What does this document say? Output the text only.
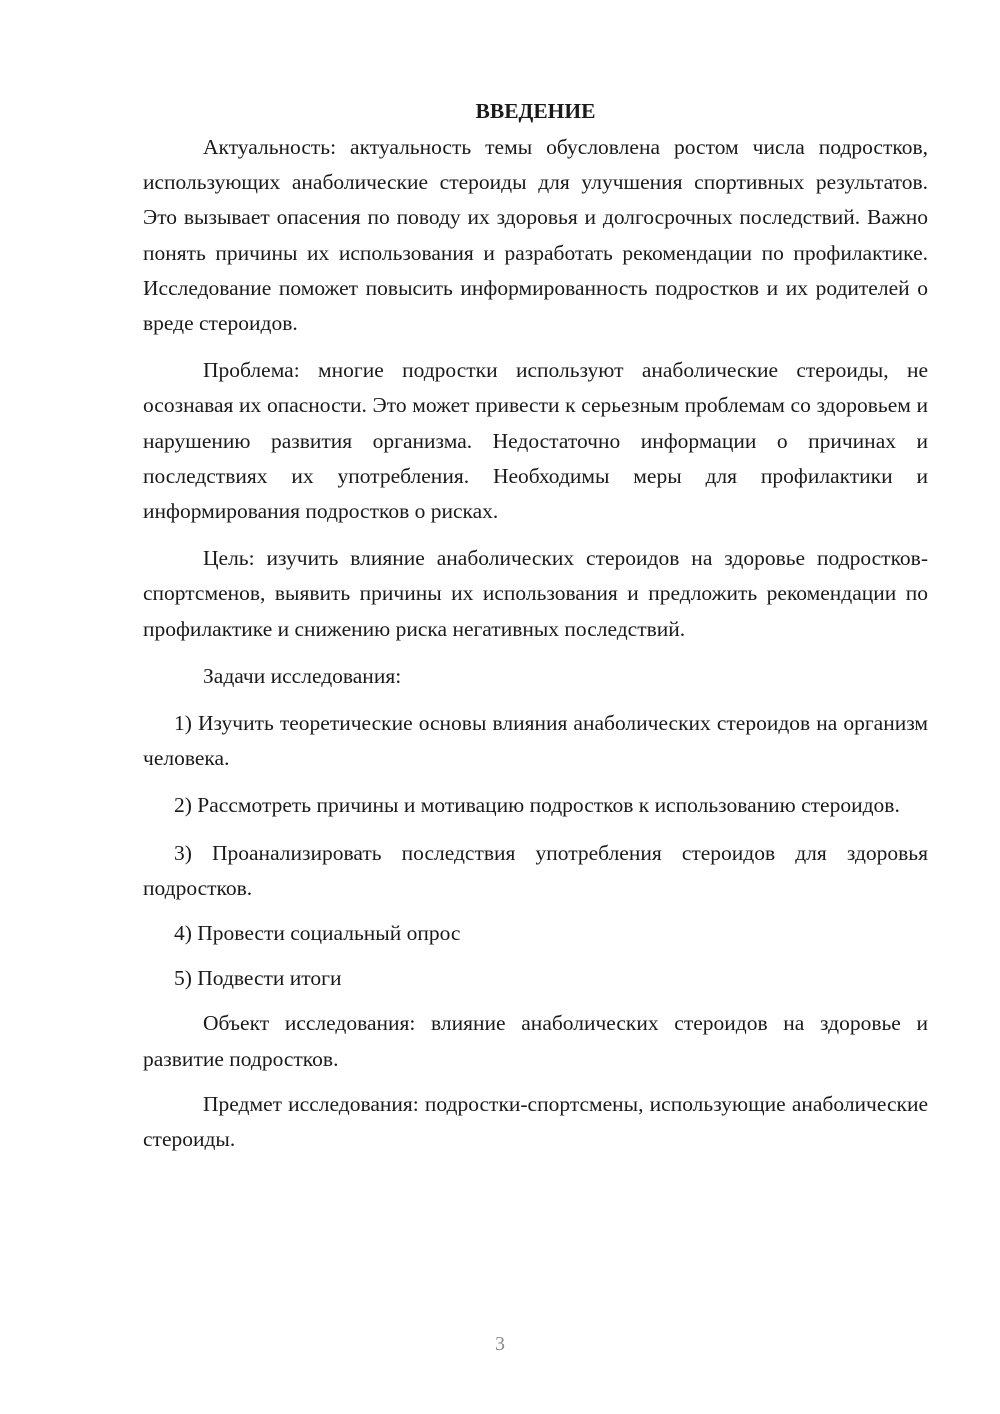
ВВЕДЕНИЕ

Актуальность: актуальность темы обусловлена ростом числа подростков, использующих анаболические стероиды для улучшения спортивных результатов. Это вызывает опасения по поводу их здоровья и долгосрочных последствий. Важно понять причины их использования и разработать рекомендации по профилактике. Исследование поможет повысить информированность подростков и их родителей о вреде стероидов.

Проблема: многие подростки используют анаболические стероиды, не осознавая их опасности. Это может привести к серьезным проблемам со здоровьем и нарушению развития организма. Недостаточно информации о причинах и последствиях их употребления. Необходимы меры для профилактики и информирования подростков о рисках.

Цель: изучить влияние анаболических стероидов на здоровье подростков-спортсменов, выявить причины их использования и предложить рекомендации по профилактике и снижению риска негативных последствий.

Задачи исследования:

1) Изучить теоретические основы влияния анаболических стероидов на организм человека.

2) Рассмотреть причины и мотивацию подростков к использованию стероидов.

3) Проанализировать последствия употребления стероидов для здоровья подростков.

4) Провести социальный опрос

5) Подвести итоги

Объект исследования: влияние анаболических стероидов на здоровье и развитие подростков.

Предмет исследования: подростки-спортсмены, использующие анаболические стероиды.

3
